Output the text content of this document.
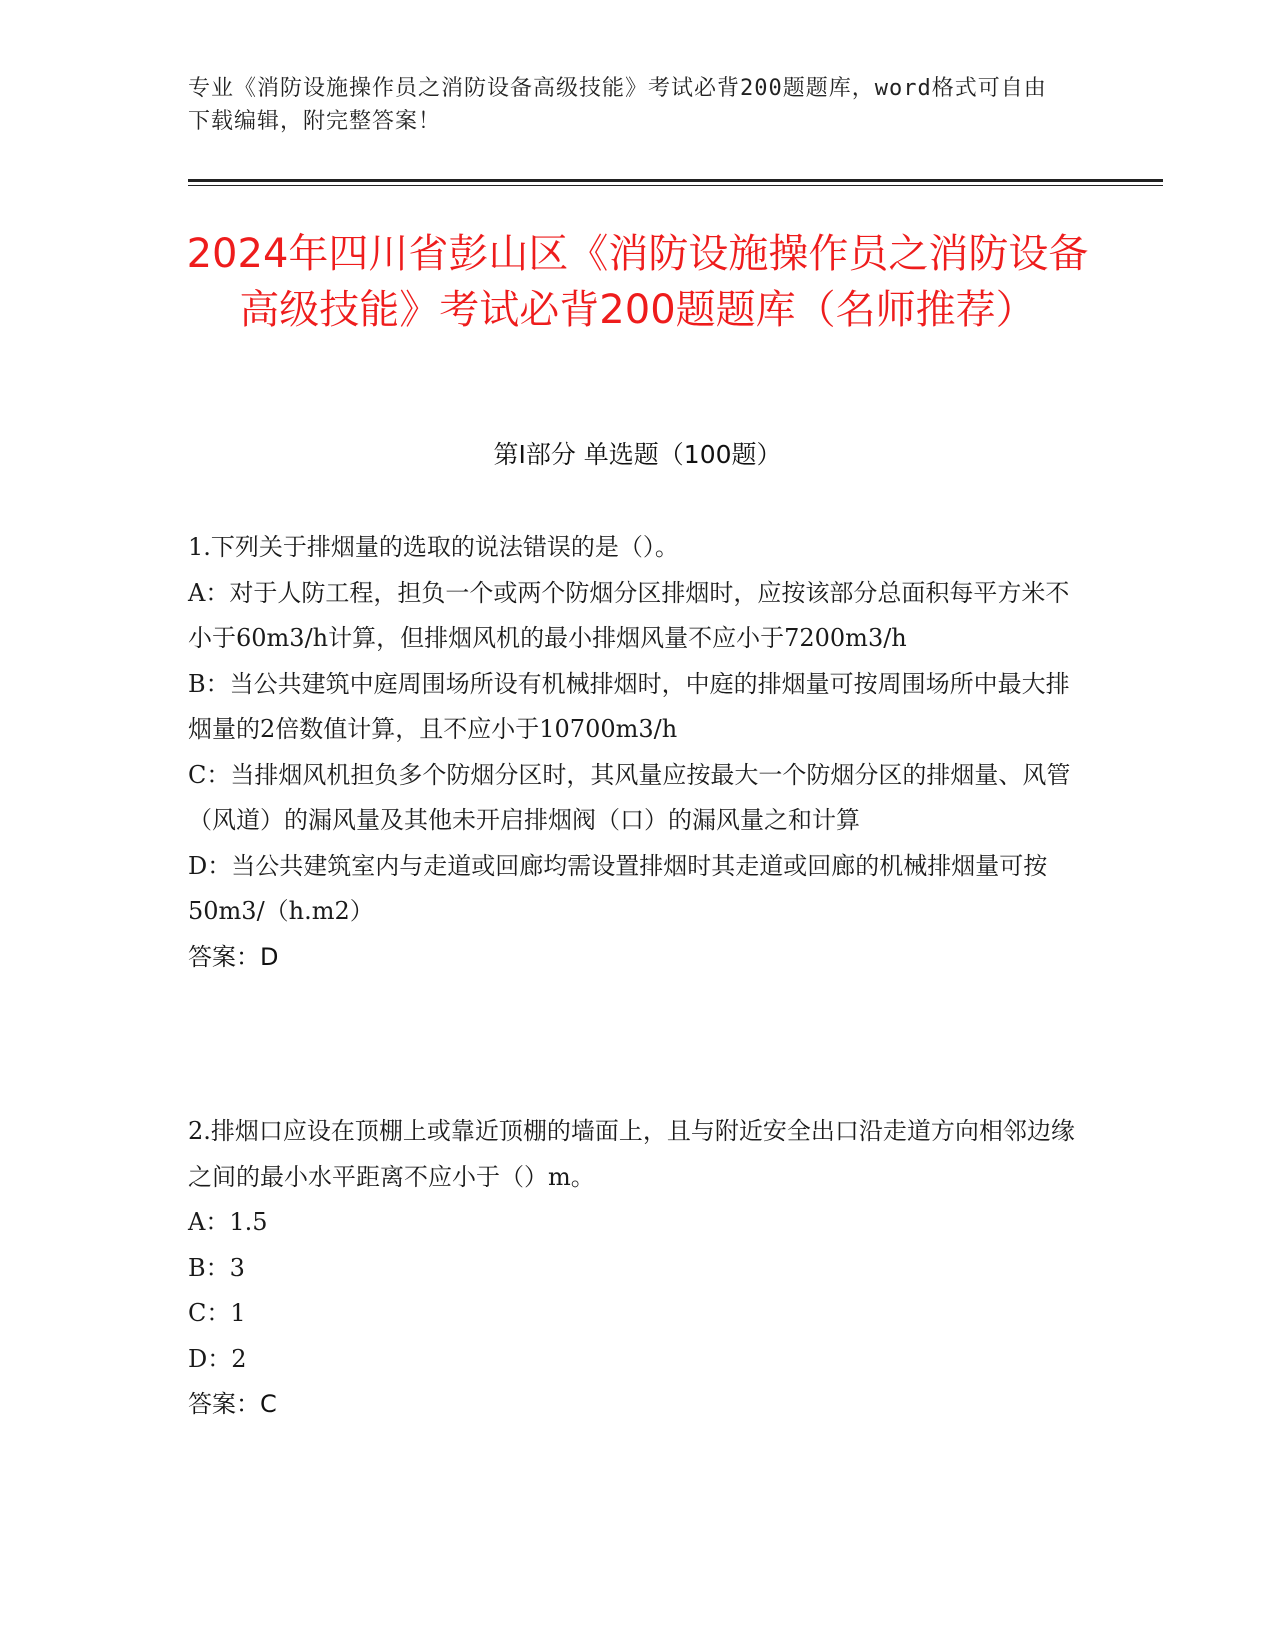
专业《消防设施操作员之消防设备高级技能》考试必背200题题库，word格式可自由下载编辑，附完整答案！
2024年四川省彭山区《消防设施操作员之消防设备高级技能》考试必背200题题库（名师推荐）
第I部分 单选题（100题）
1.下列关于排烟量的选取的说法错误的是（）。
A：对于人防工程，担负一个或两个防烟分区排烟时，应按该部分总面积每平方米不小于60m3/h计算，但排烟风机的最小排烟风量不应小于7200m3/h
B：当公共建筑中庭周围场所设有机械排烟时，中庭的排烟量可按周围场所中最大排烟量的2倍数值计算，且不应小于10700m3/h
C：当排烟风机担负多个防烟分区时，其风量应按最大一个防烟分区的排烟量、风管（风道）的漏风量及其他未开启排烟阀（口）的漏风量之和计算
D：当公共建筑室内与走道或回廊均需设置排烟时其走道或回廊的机械排烟量可按50m3/（h.m2）
答案：D
2.排烟口应设在顶棚上或靠近顶棚的墙面上，且与附近安全出口沿走道方向相邻边缘之间的最小水平距离不应小于（）m。
A：1.5
B：3
C：1
D：2
答案：C
